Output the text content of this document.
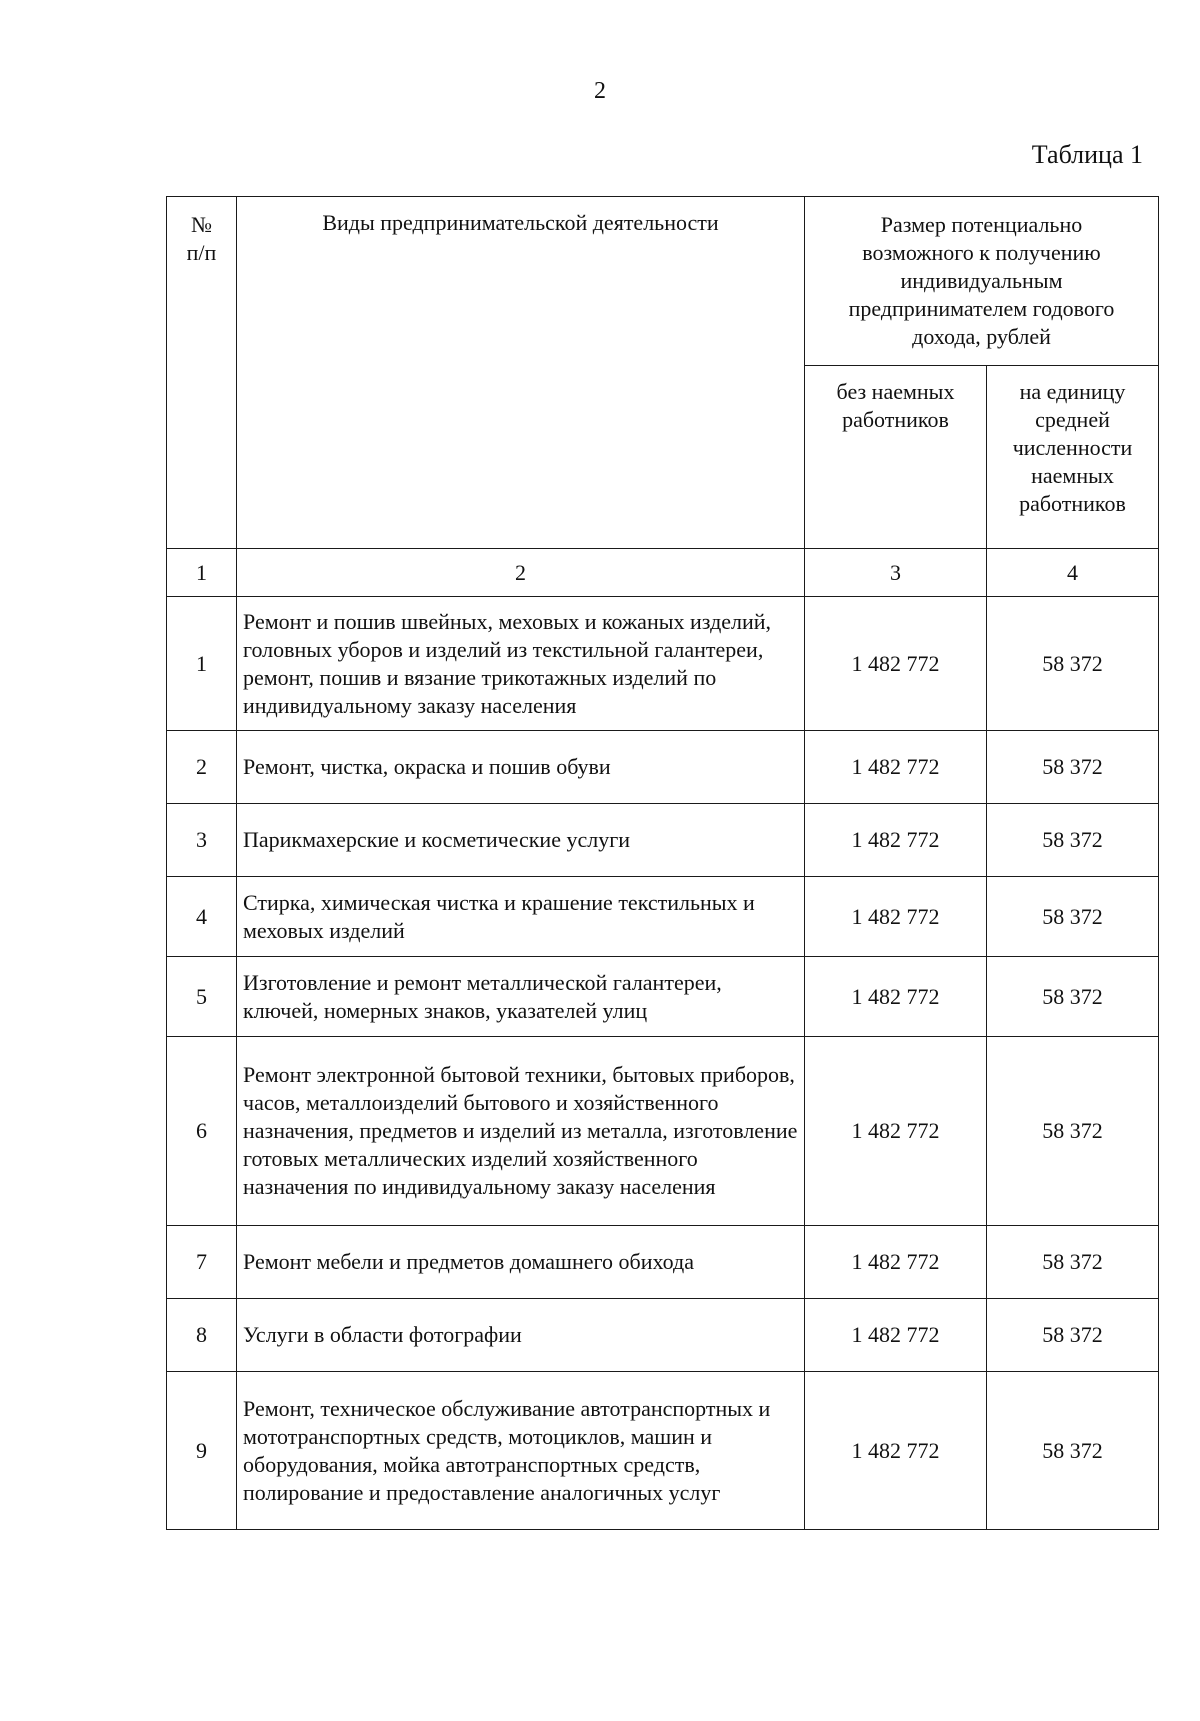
2
Таблица 1
№ п/п	Виды предпринимательской деятельности	Размер потенциально возможного к получению индивидуальным предпринимателем годового дохода, рублей	

		без наемных работников	на единицу средней численности наемных работников

1	2	3	4
1	Ремонт и пошив швейных, меховых и кожаных изделий, головных уборов и изделий из текстильной галантереи, ремонт, пошив и вязание трикотажных изделий по индивидуальному заказу населения	1 482 772	58 372
2	Ремонт, чистка, окраска и пошив обуви	1 482 772	58 372
3	Парикмахерские и косметические услуги	1 482 772	58 372
4	Стирка, химическая чистка и крашение текстильных и меховых изделий	1 482 772	58 372
5	Изготовление и ремонт металлической галантереи, ключей, номерных знаков, указателей улиц	1 482 772	58 372
6	Ремонт электронной бытовой техники, бытовых приборов, часов, металлоизделий бытового и хозяйственного назначения, предметов и изделий из металла, изготовление готовых металлических изделий хозяйственного назначения по индивидуальному заказу населения	1 482 772	58 372
7	Ремонт мебели и предметов домашнего обихода	1 482 772	58 372
8	Услуги в области фотографии	1 482 772	58 372
9	Ремонт, техническое обслуживание автотранспортных и мототранспортных средств, мотоциклов, машин и оборудования, мойка автотранспортных средств, полирование и предоставление аналогичных услуг	1 482 772	58 372
